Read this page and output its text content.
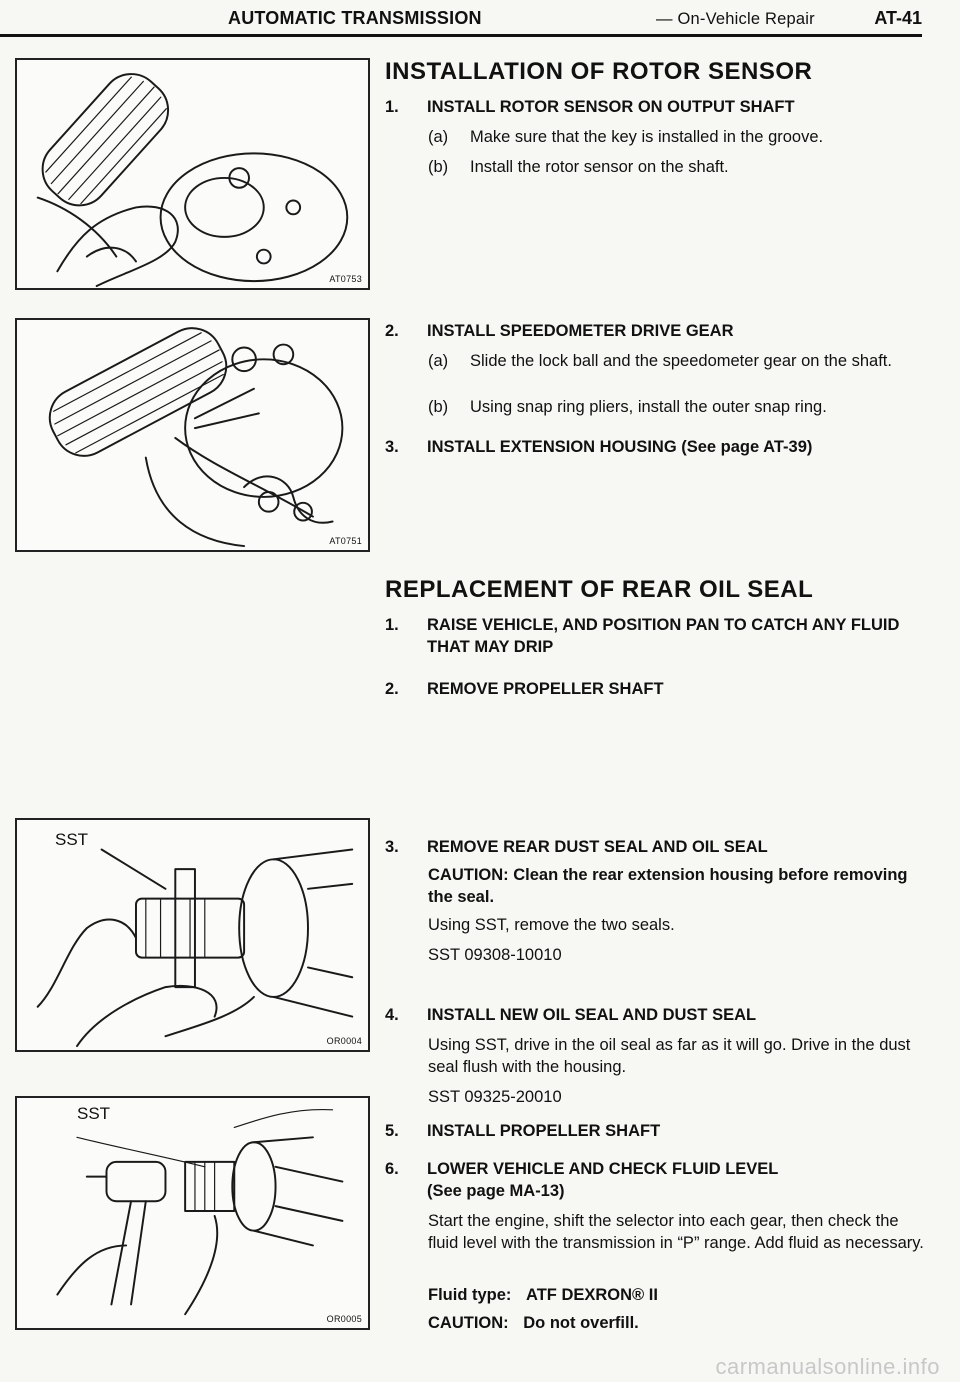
AUTOMATIC TRANSMISSION	— On-Vehicle Repair	AT-41
AT0753
AT0751
SST
OR0004
SST
OR0005
INSTALLATION OF ROTOR SENSOR
1. INSTALL ROTOR SENSOR ON OUTPUT SHAFT
(a) Make sure that the key is installed in the groove.
(b) Install the rotor sensor on the shaft.
2. INSTALL SPEEDOMETER DRIVE GEAR
(a) Slide the lock ball and the speedometer gear on the shaft.
(b) Using snap ring pliers, install the outer snap ring.
3. INSTALL EXTENSION HOUSING (See page AT-39)
REPLACEMENT OF REAR OIL SEAL
1. RAISE VEHICLE, AND POSITION PAN TO CATCH ANY FLUID THAT MAY DRIP
2. REMOVE PROPELLER SHAFT
3. REMOVE REAR DUST SEAL AND OIL SEAL
CAUTION: Clean the rear extension housing before removing the seal.
Using SST, remove the two seals.
SST 09308-10010
4. INSTALL NEW OIL SEAL AND DUST SEAL
Using SST, drive in the oil seal as far as it will go. Drive in the dust seal flush with the housing.
SST 09325-20010
5. INSTALL PROPELLER SHAFT
6. LOWER VEHICLE AND CHECK FLUID LEVEL (See page MA-13)
Start the engine, shift the selector into each gear, then check the fluid level with the transmission in “P” range. Add fluid as necessary.
Fluid type: ATF DEXRON® II
CAUTION: Do not overfill.
carmanualsonline.info
